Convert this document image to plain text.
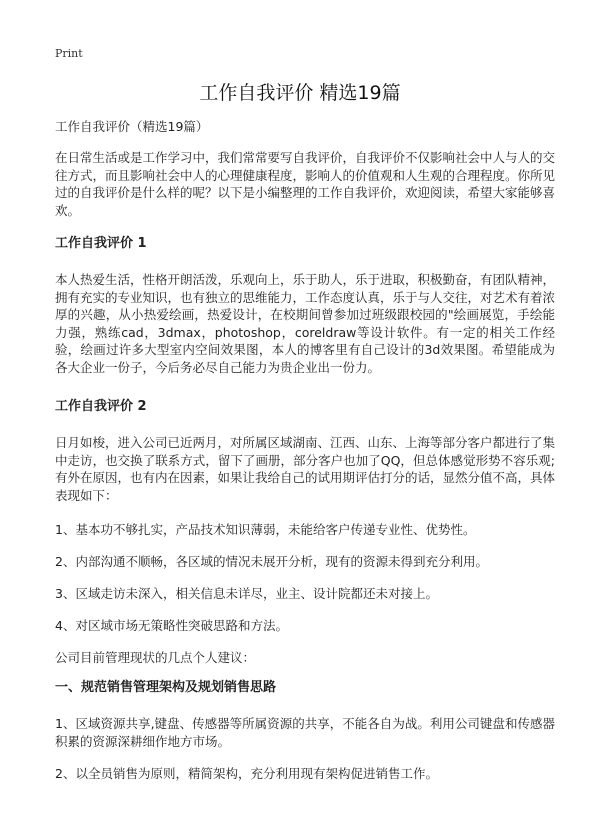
Print
工作自我评价 精选19篇

工作自我评价（精选19篇）

在日常生活或是工作学习中，我们常常要写自我评价，自我评价不仅影响社会中人与人的交往方式，而且影响社会中人的心理健康程度，影响人的价值观和人生观的合理程度。你所见过的自我评价是什么样的呢？以下是小编整理的工作自我评价，欢迎阅读，希望大家能够喜欢。

工作自我评价 1

本人热爱生活，性格开朗活泼，乐观向上，乐于助人，乐于进取，积极勤奋，有团队精神，拥有充实的专业知识，也有独立的思维能力，工作态度认真，乐于与人交往，对艺术有着浓厚的兴趣，从小热爱绘画，热爱设计，在校期间曾参加过班级跟校园的"绘画展览，手绘能力强，熟练cad，3dmax，photoshop，coreldraw等设计软件。有一定的相关工作经验，绘画过许多大型室内空间效果图，本人的博客里有自己设计的3d效果图。希望能成为各大企业一份子，今后务必尽自己能力为贵企业出一份力。

工作自我评价 2

日月如梭，进入公司已近两月，对所属区域湖南、江西、山东、上海等部分客户都进行了集中走访，也交换了联系方式，留下了画册，部分客户也加了QQ，但总体感觉形势不容乐观;有外在原因，也有内在因素，如果让我给自己的试用期评估打分的话，显然分值不高，具体表现如下：

1、基本功不够扎实，产品技术知识薄弱，未能给客户传递专业性、优势性。
2、内部沟通不顺畅，各区域的情况未展开分析，现有的资源未得到充分利用。
3、区域走访未深入，相关信息未详尽，业主、设计院都还未对接上。
4、对区域市场无策略性突破思路和方法。

公司目前管理现状的几点个人建议：

一、规范销售管理架构及规划销售思路

1、区域资源共享,键盘、传感器等所属资源的共享，不能各自为战。利用公司键盘和传感器积累的资源深耕细作地方市场。

2、以全员销售为原则，精简架构，充分利用现有架构促进销售工作。
